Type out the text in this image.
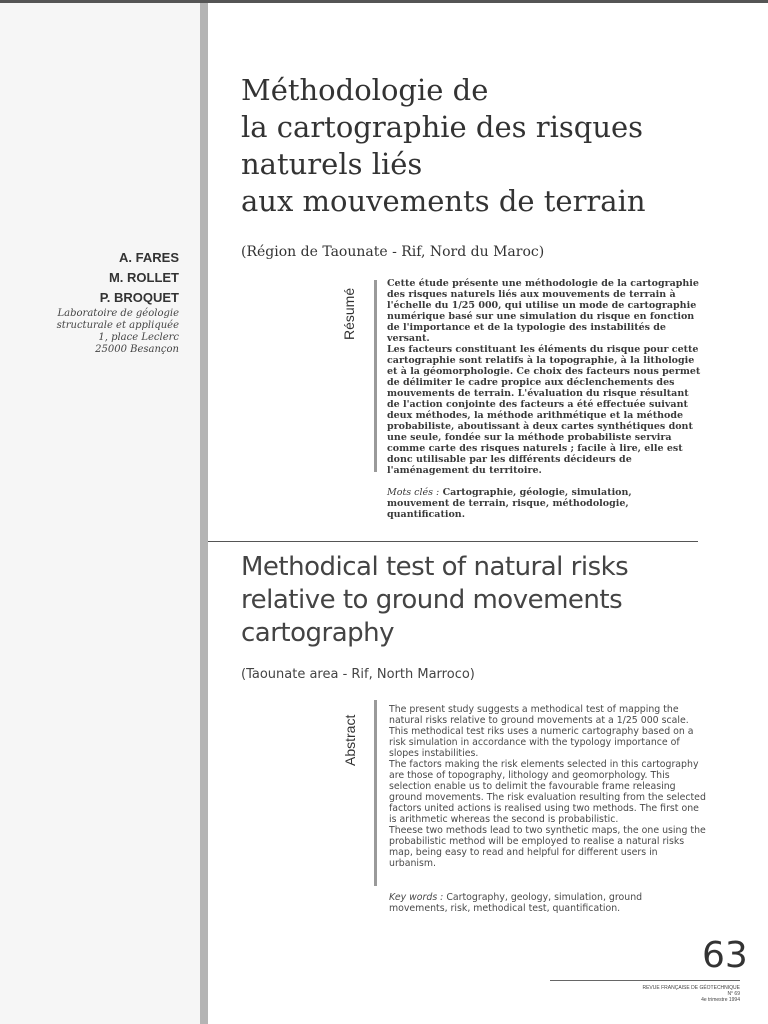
A. FARES
M. ROLLET
P. BROQUET
Laboratoire de géologie
structurale et appliquée
1, place Leclerc
25000 Besançon
Méthodologie de
la cartographie des risques
naturels liés
aux mouvements de terrain
(Région de Taounate - Rif, Nord du Maroc)
Résumé

Cette étude présente une méthodologie de la cartographie des risques naturels liés aux mouvements de terrain à l'échelle du 1/25 000, qui utilise un mode de cartographie numérique basé sur une simulation du risque en fonction de l'importance et de la typologie des instabilités de versant.

Les facteurs constituant les éléments du risque pour cette cartographie sont relatifs à la topographie, à la lithologie et à la géomorphologie. Ce choix des facteurs nous permet de délimiter le cadre propice aux déclenchements des mouvements de terrain. L'évaluation du risque résultant de l'action conjointe des facteurs a été effectuée suivant deux méthodes, la méthode arithmétique et la méthode probabiliste, aboutissant à deux cartes synthétiques dont une seule, fondée sur la méthode probabiliste servira comme carte des risques naturels ; facile à lire, elle est donc utilisable par les différents décideurs de l'aménagement du territoire.

Mots clés : Cartographie, géologie, simulation, mouvement de terrain, risque, méthodologie, quantification.
Methodical test of natural risks
relative to ground movements
cartography
(Taounate area - Rif, North Marroco)
Abstract

The present study suggests a methodical test of mapping the natural risks relative to ground movements at a 1/25 000 scale. This methodical test riks uses a numeric cartography based on a risk simulation in accordance with the typology importance of slopes instabilities.

The factors making the risk elements selected in this cartography are those of topography, lithology and geomorphology. This selection enable us to delimit the favourable frame releasing ground movements. The risk evaluation resulting from the selected factors united actions is realised using two methods. The first one is arithmetic whereas the second is probabilistic.

Theese two methods lead to two synthetic maps, the one using the probabilistic method will be employed to realise a natural risks map, being easy to read and helpful for different users in urbanism.

Key words : Cartography, geology, simulation, ground movements, risk, methodical test, quantification.
63
REVUE FRANÇAISE DE GÉOTECHNIQUE
N° 69
4e trimestre 1994
